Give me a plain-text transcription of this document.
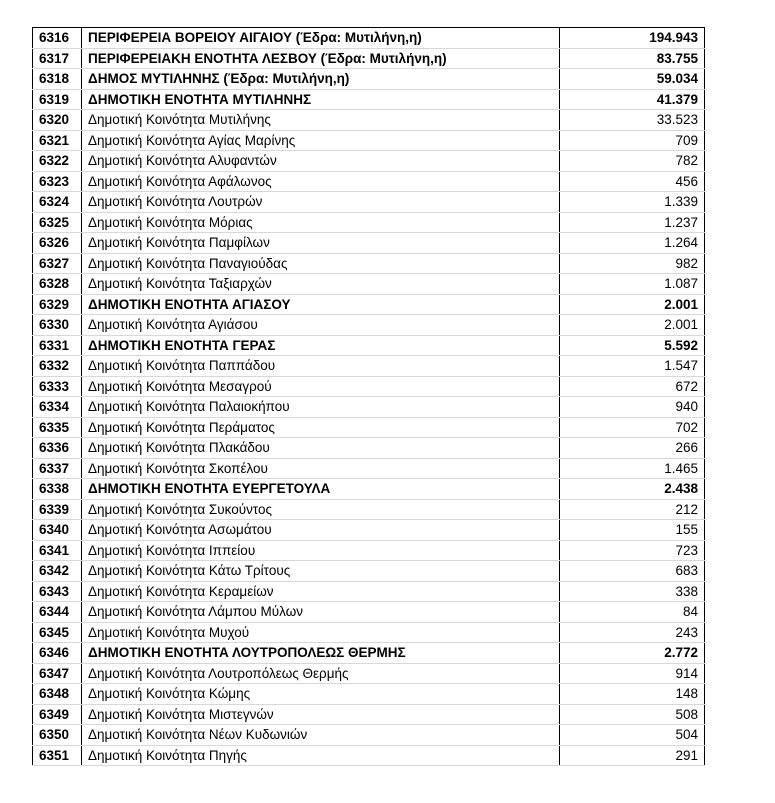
6316	ΠΕΡΙΦΕΡΕΙΑ ΒΟΡΕΙΟΥ ΑΙΓΑΙΟΥ (Έδρα: Μυτιλήνη,η)	194.943
6317	ΠΕΡΙΦΕΡΕΙΑΚΗ ΕΝΟΤΗΤΑ ΛΕΣΒΟΥ (Έδρα: Μυτιλήνη,η)	83.755
6318	ΔΗΜΟΣ ΜΥΤΙΛΗΝΗΣ (Έδρα: Μυτιλήνη,η)	59.034
6319	ΔΗΜΟΤΙΚΗ ΕΝΟΤΗΤΑ ΜΥΤΙΛΗΝΗΣ	41.379
6320	Δημοτική Κοινότητα Μυτιλήνης	33.523
6321	Δημοτική Κοινότητα Αγίας Μαρίνης	709
6322	Δημοτική Κοινότητα Αλυφαντών	782
6323	Δημοτική Κοινότητα Αφάλωνος	456
6324	Δημοτική Κοινότητα Λουτρών	1.339
6325	Δημοτική Κοινότητα Μόριας	1.237
6326	Δημοτική Κοινότητα Παμφίλων	1.264
6327	Δημοτική Κοινότητα Παναγιούδας	982
6328	Δημοτική Κοινότητα Ταξιαρχών	1.087
6329	ΔΗΜΟΤΙΚΗ ΕΝΟΤΗΤΑ ΑΓΙΑΣΟΥ	2.001
6330	Δημοτική Κοινότητα Αγιάσου	2.001
6331	ΔΗΜΟΤΙΚΗ ΕΝΟΤΗΤΑ ΓΕΡΑΣ	5.592
6332	Δημοτική Κοινότητα Παππάδου	1.547
6333	Δημοτική Κοινότητα Μεσαγρού	672
6334	Δημοτική Κοινότητα Παλαιοκήπου	940
6335	Δημοτική Κοινότητα Περάματος	702
6336	Δημοτική Κοινότητα Πλακάδου	266
6337	Δημοτική Κοινότητα Σκοπέλου	1.465
6338	ΔΗΜΟΤΙΚΗ ΕΝΟΤΗΤΑ ΕΥΕΡΓΕΤΟΥΛΑ	2.438
6339	Δημοτική Κοινότητα Συκούντος	212
6340	Δημοτική Κοινότητα Ασωμάτου	155
6341	Δημοτική Κοινότητα Ιππείου	723
6342	Δημοτική Κοινότητα Κάτω Τρίτους	683
6343	Δημοτική Κοινότητα Κεραμείων	338
6344	Δημοτική Κοινότητα Λάμπου Μύλων	84
6345	Δημοτική Κοινότητα Μυχού	243
6346	ΔΗΜΟΤΙΚΗ ΕΝΟΤΗΤΑ ΛΟΥΤΡΟΠΟΛΕΩΣ ΘΕΡΜΗΣ	2.772
6347	Δημοτική Κοινότητα Λουτροπόλεως Θερμής	914
6348	Δημοτική Κοινότητα Κώμης	148
6349	Δημοτική Κοινότητα Μιστεγνών	508
6350	Δημοτική Κοινότητα Νέων Κυδωνιών	504
6351	Δημοτική Κοινότητα Πηγής	291
